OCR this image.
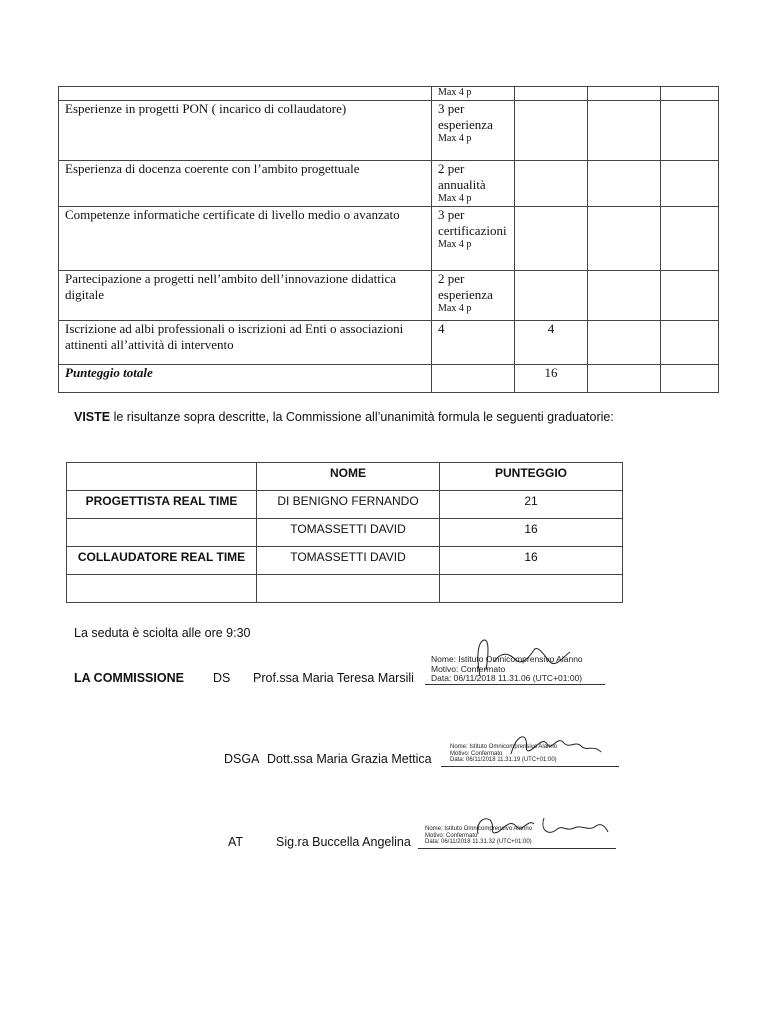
	Max 4 p			

Esperienze in progetti PON ( incarico di collaudatore)	3 per esperienza
Max 4 p			

Esperienza di docenza coerente con l’ambito progettuale	2 per annualità
Max 4 p			

Competenze informatiche certificate di livello medio o avanzato	3 per certificazioni
Max 4 p			

Partecipazione a progetti nell’ambito dell’innovazione didattica digitale	2 per esperienza
Max 4 p			

Iscrizione ad albi professionali o iscrizioni ad Enti o associazioni attinenti all’attività di intervento	4	4		
Punteggio totale		16		
VISTE le risultanze sopra descritte, la Commissione all’unanimità formula le seguenti graduatorie:
	NOME	PUNTEGGIO
PROGETTISTA REAL TIME	DI BENIGNO FERNANDO	21
	TOMASSETTI DAVID	16
COLLAUDATORE REAL TIME	TOMASSETTI DAVID	16

La seduta è sciolta alle ore 9:30
LA COMMISSIONE DS Prof.ssa Maria Teresa Marsili
Nome: Istituto Omnicomprensivo Alanno
Motivo: Confermato
Data: 06/11/2018 11.31.06 (UTC+01:00)
DSGA Dott.ssa Maria Grazia Mettica
Nome: Istituto Omnicomprensivo Alanno
Motivo: Confermato
Data: 06/11/2018 11.31.19 (UTC+01:00)
AT	Sig.ra Buccella Angelina
Nome: Istituto Omnicomprensivo Alanno
Motivo: Confermato
Data: 06/11/2018 11.31.32 (UTC+01:00)
